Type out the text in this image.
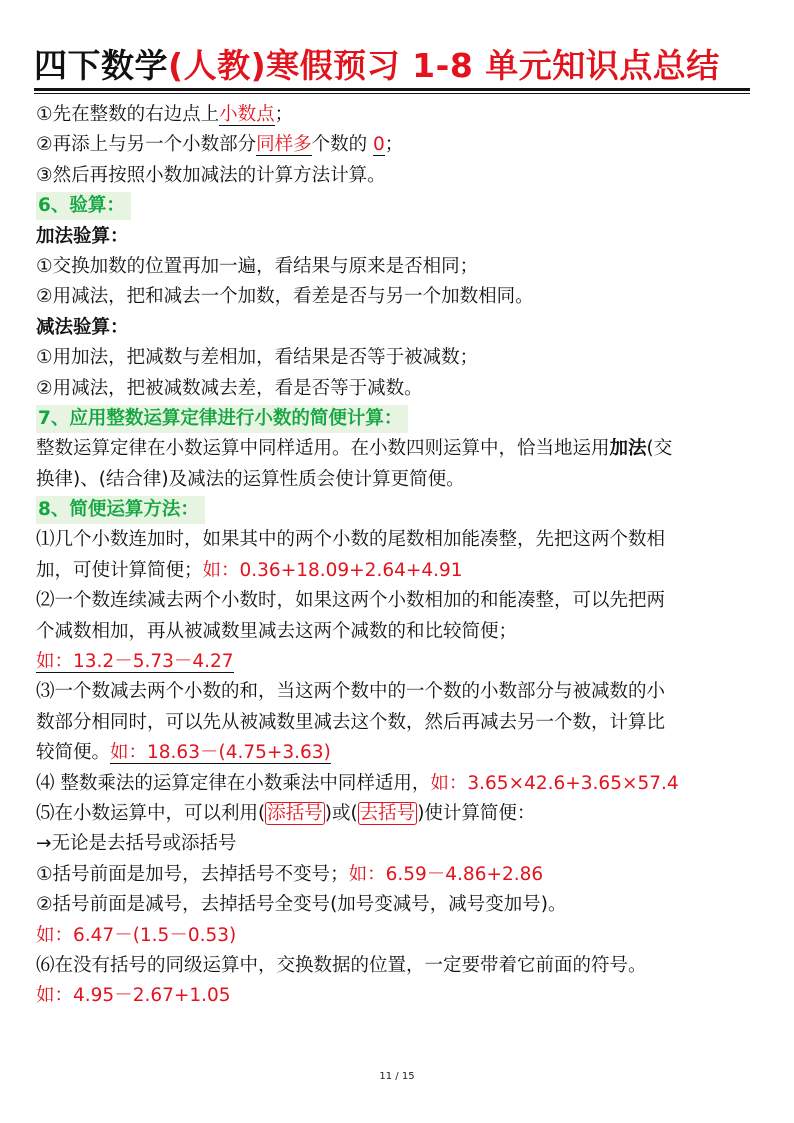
四下数学(人教)寒假预习 1-8 单元知识点总结
①先在整数的右边点上小数点；
②再添上与另一个小数部分同样多个数的 0；
③然后再按照小数加减法的计算方法计算。
6、验算：
加法验算：
①交换加数的位置再加一遍，看结果与原来是否相同；
②用减法，把和减去一个加数，看差是否与另一个加数相同。
减法验算：
①用加法，把减数与差相加，看结果是否等于被减数；
②用减法，把被减数减去差，看是否等于减数。
7、应用整数运算定律进行小数的简便计算：
整数运算定律在小数运算中同样适用。在小数四则运算中，恰当地运用加法(交
换律)、(结合律)及减法的运算性质会使计算更简便。
8、简便运算方法：
⑴几个小数连加时，如果其中的两个小数的尾数相加能凑整，先把这两个数相
加，可使计算简便；如：0.36+18.09+2.64+4.91
⑵一个数连续减去两个小数时，如果这两个小数相加的和能凑整，可以先把两
个减数相加，再从被减数里减去这两个减数的和比较简便；
如：13.2－5.73－4.27
⑶一个数减去两个小数的和，当这两个数中的一个数的小数部分与被减数的小
数部分相同时，可以先从被减数里减去这个数，然后再减去另一个数，计算比
较简便。如：18.63－(4.75+3.63)
⑷ 整数乘法的运算定律在小数乘法中同样适用，如：3.65×42.6+3.65×57.4
⑸在小数运算中，可以利用( 添括号 )或( 去括号 )使计算简便：
→无论是去括号或添括号
①括号前面是加号，去掉括号不变号；如：6.59－4.86+2.86
②括号前面是减号，去掉括号全变号(加号变减号，减号变加号)。
如：6.47－(1.5－0.53)
⑹在没有括号的同级运算中，交换数据的位置，一定要带着它前面的符号。
如：4.95－2.67+1.05
11 / 15
